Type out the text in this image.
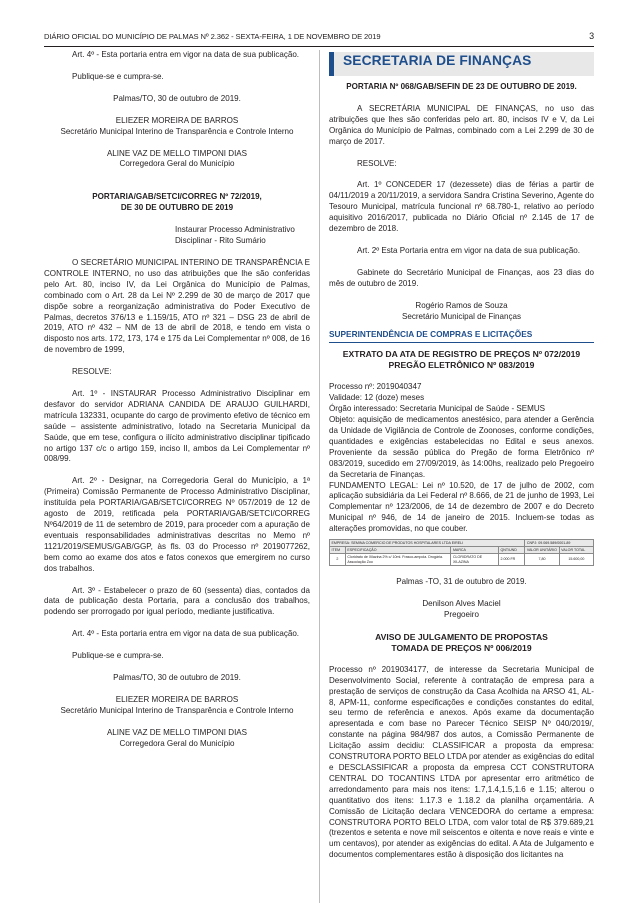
DIÁRIO OFICIAL DO MUNICÍPIO DE PALMAS Nº 2.362 - SEXTA-FEIRA, 1 DE NOVEMBRO DE 2019	3

Art. 4º - Esta portaria entra em vigor na data de sua publicação.

Publique-se e cumpra-se.

Palmas/TO, 30 de outubro de 2019.

ELIEZER MOREIRA DE BARROS

Secretário Municipal Interino de Transparência e Controle Interno

ALINE VAZ DE MELLO TIMPONI DIAS

Corregedora Geral do Município

PORTARIA/GAB/SETCI/CORREG Nº 72/2019,

DE 30 DE OUTUBRO DE 2019

Instaurar Processo Administrativo Disciplinar - Rito Sumário

O SECRETÁRIO MUNICIPAL INTERINO DE TRANSPARÊNCIA E CONTROLE INTERNO, no uso das atribuições que lhe são conferidas pelo Art. 80, inciso IV, da Lei Orgânica do Município de Palmas, combinado com o Art. 28 da Lei Nº 2.299 de 30 de março de 2017 que dispõe sobre a reorganização administrativa do Poder Executivo de Palmas, decretos 376/13 e 1.159/15, ATO nº 321 – DSG 23 de abril de 2019, ATO nº 432 – NM de 13 de abril de 2018, e tendo em vista o disposto nos arts. 172, 173, 174 e 175 da Lei Complementar nº 008, de 16 de novembro de 1999,

RESOLVE:

Art. 1º - INSTAURAR Processo Administrativo Disciplinar em desfavor do servidor ADRIANA CANDIDA DE ARAUJO GUILHARDI, matrícula 132331, ocupante do cargo de provimento efetivo de técnico em saúde – assistente administrativo, lotado na Secretaria Municipal da Saúde, que em tese, configura o ilícito administrativo disciplinar tipificado no artigo 137 c/c o artigo 159, inciso II, ambos da Lei Complementar nº 008/99.

Art. 2º - Designar, na Corregedoria Geral do Município, a 1ª (Primeira) Comissão Permanente de Processo Administrativo Disciplinar, instituída pela PORTARIA/GAB/SETCI/CORREG Nº 057/2019 de 12 de agosto de 2019, retificada pela PORTARIA/GAB/SETCI/CORREG Nº64/2019 de 11 de setembro de 2019, para proceder com a apuração de eventuais responsabilidades administrativas descritas no Memo nº 1121/2019/SEMUS/GAB/GGP, às fls. 03 do Processo nº 2019077262, bem como ao exame dos atos e fatos conexos que emergirem no curso dos trabalhos.

Art. 3º - Estabelecer o prazo de 60 (sessenta) dias, contados da data de publicação desta Portaria, para a conclusão dos trabalhos, podendo ser prorrogado por igual período, mediante justificativa.

Art. 4º - Esta portaria entra em vigor na data de sua publicação.

Publique-se e cumpra-se.

Palmas/TO, 30 de outubro de 2019.

ELIEZER MOREIRA DE BARROS

Secretário Municipal Interino de Transparência e Controle Interno

ALINE VAZ DE MELLO TIMPONI DIAS

Corregedora Geral do Município

SECRETARIA DE FINANÇAS

PORTARIA Nº 068/GAB/SEFIN DE 23 DE OUTUBRO DE 2019.

A SECRETÁRIA MUNICIPAL DE FINANÇAS, no uso das atribuições que lhes são conferidas pelo art. 80, incisos IV e V, da Lei Orgânica do Município de Palmas, combinado com a Lei 2.299 de 30 de março de 2017.

RESOLVE:

Art. 1º CONCEDER 17 (dezessete) dias de férias a partir de 04/11/2019 a 20/11/2019, a servidora Sandra Cristina Severino, Agente do Tesouro Municipal, matrícula funcional nº 68.780-1, relativo ao período aquisitivo 2016/2017, publicada no Diário Oficial nº 2.145 de 17 de dezembro de 2018.

Art. 2º Esta Portaria entra em vigor na data de sua publicação.

Gabinete do Secretário Municipal de Finanças, aos 23 dias do mês de outubro de 2019.

Rogério Ramos de Souza

Secretário Municipal de Finanças

SUPERINTENDÊNCIA DE COMPRAS E LICITAÇÕES

EXTRATO DA ATA DE REGISTRO DE PREÇOS Nº 072/2019

PREGÃO ELETRÔNICO Nº 083/2019

Processo nº: 2019040347

Validade: 12 (doze) meses

Órgão interessado: Secretaria Municipal de Saúde - SEMUS

Objeto: aquisição de medicamentos anestésico, para atender a Gerência da Unidade de Vigilância de Controle de Zoonoses, conforme condições, quantidades e exigências estabelecidas no Edital e seus anexos. Proveniente da sessão pública do Pregão de forma Eletrônico nº 083/2019, sucedido em 27/09/2019, às 14:00hs, realizado pelo Pregoeiro da Secretaria de Finanças.

FUNDAMENTO LEGAL: Lei nº 10.520, de 17 de julho de 2002, com aplicação subsidiária da Lei Federal nº 8.666, de 21 de junho de 1993, Lei Complementar nº 123/2006, de 14 de dezembro de 2007 e do Decreto Municipal nº 946, de 14 de janeiro de 2015. Incluem-se todas as alterações promovidas, no que couber.

EMPRESA: SEMINA COMERCIO DE PRODUTOS HOSPITALARES LTDA EIRELI				CNPJ: 09.069.589/0001-89	
ITEM	ESPECIFICAÇÃO	MARCA	QNT/UND	VALOR UNITÁRIO	VALOR TOTAL
2	Cloridrato de Xilazina 2% c/ 10ml. Frasco-ampola. Drogária. Associação Zoo	CLORIDRATO DE XILAZINA	2.000 FR	7,80	15.600,00

Palmas -TO, 31 de outubro de 2019.

Denilson Alves Maciel

Pregoeiro

AVISO DE JULGAMENTO DE PROPOSTAS

TOMADA DE PREÇOS Nº 006/2019

Processo nº 2019034177, de interesse da Secretaria Municipal de Desenvolvimento Social, referente à contratação de empresa para a prestação de serviços de construção da Casa Acolhida na ARSO 41, AL-8, APM-11, conforme especificações e condições constantes do edital, seu termo de referência e anexos. Após exame da documentação apresentada e com base no Parecer Técnico SEISP Nº 040/2019/, constante na página 984/987 dos autos, a Comissão Permanente de Licitação assim decidiu: CLASSIFICAR a proposta da empresa: CONSTRUTORA PORTO BELO LTDA por atender as exigências do edital e DESCLASSIFICAR a proposta da empresa CCT CONSTRUTORA CENTRAL DO TOCANTINS LTDA por apresentar erro aritmético de arredondamento para mais nos itens: 1.7,1.4,1.5,1.6 e 1.15; alterou o quantitativo dos itens: 1.17.3 e 1.18.2 da planilha orçamentária. A Comissão de Licitação declara VENCEDORA do certame a empresa: CONSTRUTORA PORTO BELO LTDA, com valor total de R$ 379.689,21 (trezentos e setenta e nove mil seiscentos e oitenta e nove reais e vinte e um centavos), por atender as exigências do edital. A Ata de Julgamento e documentos complementares estão à disposição dos licitantes na
